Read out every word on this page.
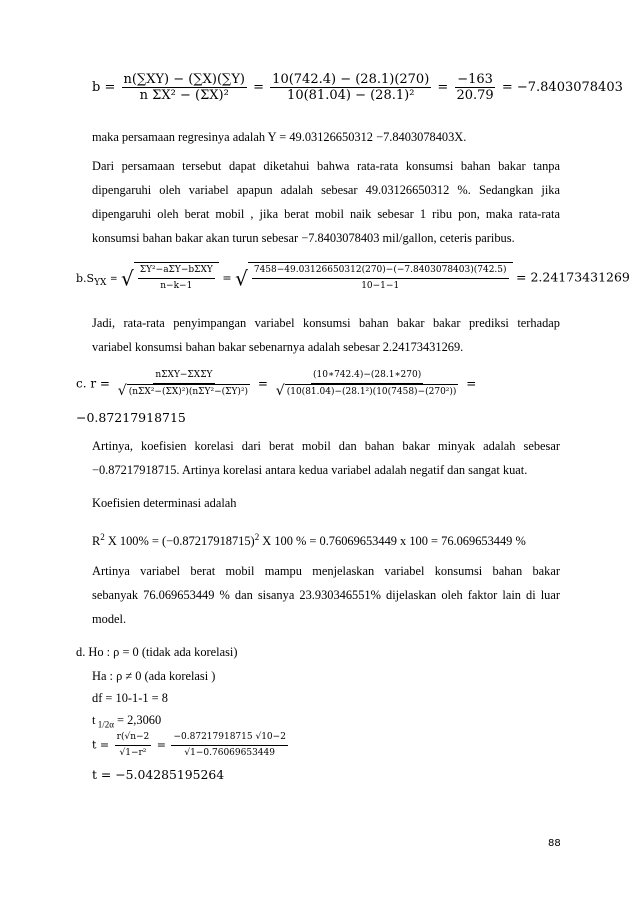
$b = \frac{n(\sum XY) - (\sum X)(\sum Y)}{\text{n ΣX² − (ΣX)²}} = \frac{10(742.4) - (28.1)(270)}{\text{10(81.04) − (28.1)²}} = \frac{-163}{20.79} = -7.8403078403$
maka persamaan regresinya adalah Y = 49.03126650312 −7.8403078403X.
Dari persamaan tersebut dapat diketahui bahwa rata-rata konsumsi bahan bakar tanpa
dipengaruhi oleh variabel apapun adalah sebesar 49.03126650312 %. Sedangkan jika
dipengaruhi oleh berat mobil , jika berat mobil naik sebesar 1 ribu pon, maka rata-rata
konsumsi bahan bakar akan turun sebesar −7.8403078403 mil/gallon, ceteris paribus.
$b.S_{YX}$ = √ $\frac{\text{ΣY²−aΣY−bΣXY}}{n-k-1}$ = √ $\frac{7458-49.03126650312(270)-(-7.8403078403)(742.5)}{10-1-1} = 2.24173431269$
Jadi, rata-rata penyimpangan variabel konsumsi bahan bakar bakar prediksi terhadap
variabel konsumsi bahan bakar sebenarnya adalah sebesar 2.24173431269.
c. $r = \frac{\text{nΣXY−ΣXΣY}}{\text{√ (nΣX²−(ΣX)²)(nΣY²−(ΣY)²)}} = \frac{(10∗742.4)-(28.1∗270)}{\text{√ (10(81.04)−(28.1²)(10(7458)−(270²))}}$ =
−0.87217918715
Artinya, koefisien korelasi dari berat mobil dan bahan bakar minyak adalah sebesar
−0.87217918715. Artinya korelasi antara kedua variabel adalah negatif dan sangat kuat.
Koefisien determinasi adalah
$R^2$ X $100\% = (-0.87217918715)^2$ X 100 % = 0.76069653449 x 100 = 76.069653449 %
Artinya variabel berat mobil mampu menjelaskan variabel konsumsi bahan bakar
sebanyak 76.069653449 % dan sisanya 23.930346551% dijelaskan oleh faktor lain di luar
model.
d. Ho : ρ = 0 (tidak ada korelasi)
Ha : ρ ≠ 0 (ada korelasi )
df = 10-1-1 = 8
t $_{1/2\alpha}$ = 2,3060
$t = \frac{r(√n-2}{\text{√1−r²}} = \frac{-0.87217918715 √10-2}{√1-0.76069653449}$
t = −5.04285195264
88
